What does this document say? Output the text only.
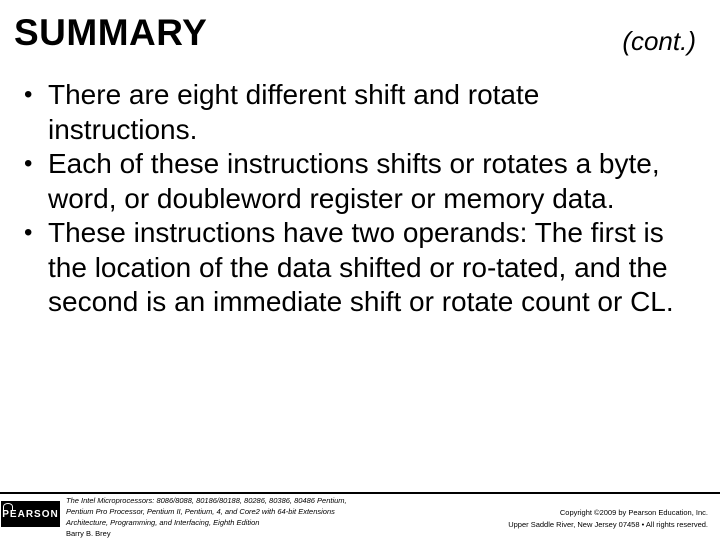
SUMMARY	(cont.)
• There are eight different shift and rotate instructions.
• Each of these instructions shifts or rotates a byte, word, or doubleword register or memory data.
• These instructions have two operands: The first is the location of the data shifted or ro-tated, and the second is an immediate shift or rotate count or CL.
PEARSON
The Intel Microprocessors: 8086/8088, 80186/80188, 80286, 80386, 80486 Pentium,
Pentium Pro Processor, Pentium II, Pentium, 4, and Core2 with 64-bit Extensions
Architecture, Programming, and Interfacing, Eighth Edition
Barry B. Brey
Copyright ©2009 by Pearson Education, Inc.
Upper Saddle River, New Jersey 07458 • All rights reserved.
